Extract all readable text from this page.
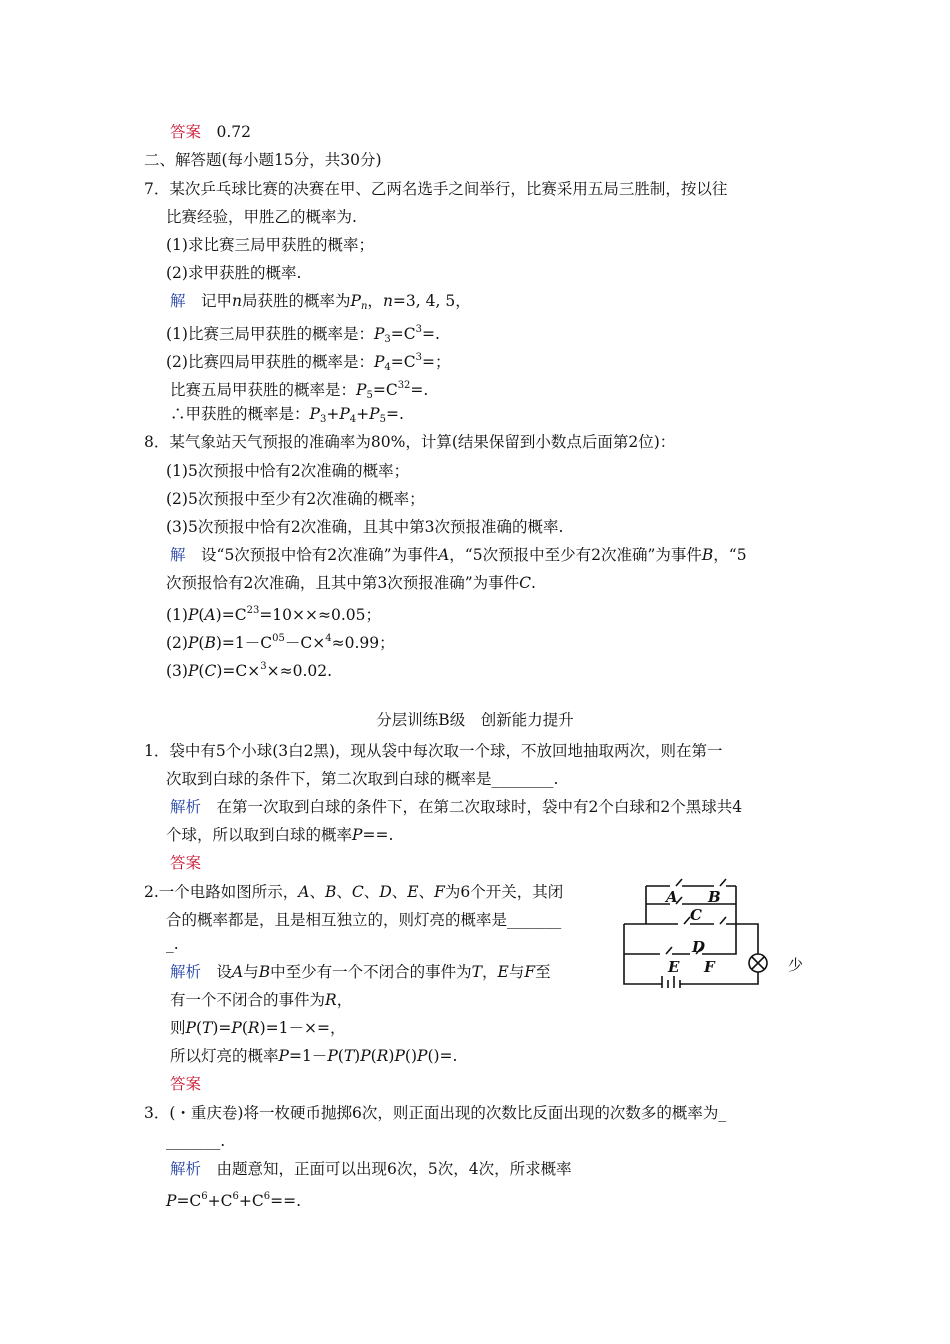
答案　0.72
二、解答题(每小题15分，共30分)
7．某次乒乓球比赛的决赛在甲、乙两名选手之间举行，比赛采用五局三胜制，按以往
比赛经验，甲胜乙的概率为.
(1)求比赛三局甲获胜的概率；
(2)求甲获胜的概率.
解　记甲n局获胜的概率为$P_n$，n=3, 4, 5，
(1)比赛三局甲获胜的概率是：$P_3=C^3=$.
(2)比赛四局甲获胜的概率是：$P_4=C^3=$；
比赛五局甲获胜的概率是：$P_5=C^{32}=$.
∴甲获胜的概率是：$P_3+P_4+P_5=$.
8．某气象站天气预报的准确率为80%，计算(结果保留到小数点后面第2位)：
(1)5次预报中恰有2次准确的概率；
(2)5次预报中至少有2次准确的概率；
(3)5次预报中恰有2次准确，且其中第3次预报准确的概率.
解　设“5次预报中恰有2次准确”为事件A，“5次预报中至少有2次准确”为事件B，“5
次预报恰有2次准确，且其中第3次预报准确”为事件C.
$(1)P(A)=C^{23}=10\times\times\approx 0.05$；
$(2)P(B)=1-C^{05}-C\times^4\approx 0.99$；
(3)P(C)=C×$^3$×≈0.02.
分层训练B级　创新能力提升
1．袋中有5个小球(3白2黑)，现从袋中每次取一个球，不放回地抽取两次，则在第一
次取到白球的条件下，第二次取到白球的概率是________.
解析　在第一次取到白球的条件下，在第二次取球时，袋中有2个白球和2个黑球共4
个球，所以取到白球的概率P==.
答案
2.一个电路如图所示，A、B、C、D、E、F为6个开关，其闭
合的概率都是，且是相互独立的，则灯亮的概率是_______
_.
解析　设A与B中至少有一个不闭合的事件为T，E与F至
有一个不闭合的事件为R，
则P(T)=P(R)=1－×=，
所以灯亮的概率P=1－P(T)P(R)P()P()=.
答案
3．(・重庆卷)将一枚硬币抛掷6次，则正面出现的次数比反面出现的次数多的概率为_
_______.
解析　由题意知，正面可以出现6次，5次，4次，所求概率
$P=C^6+C^6+C^6==$.
A B
C
D
E F	少
